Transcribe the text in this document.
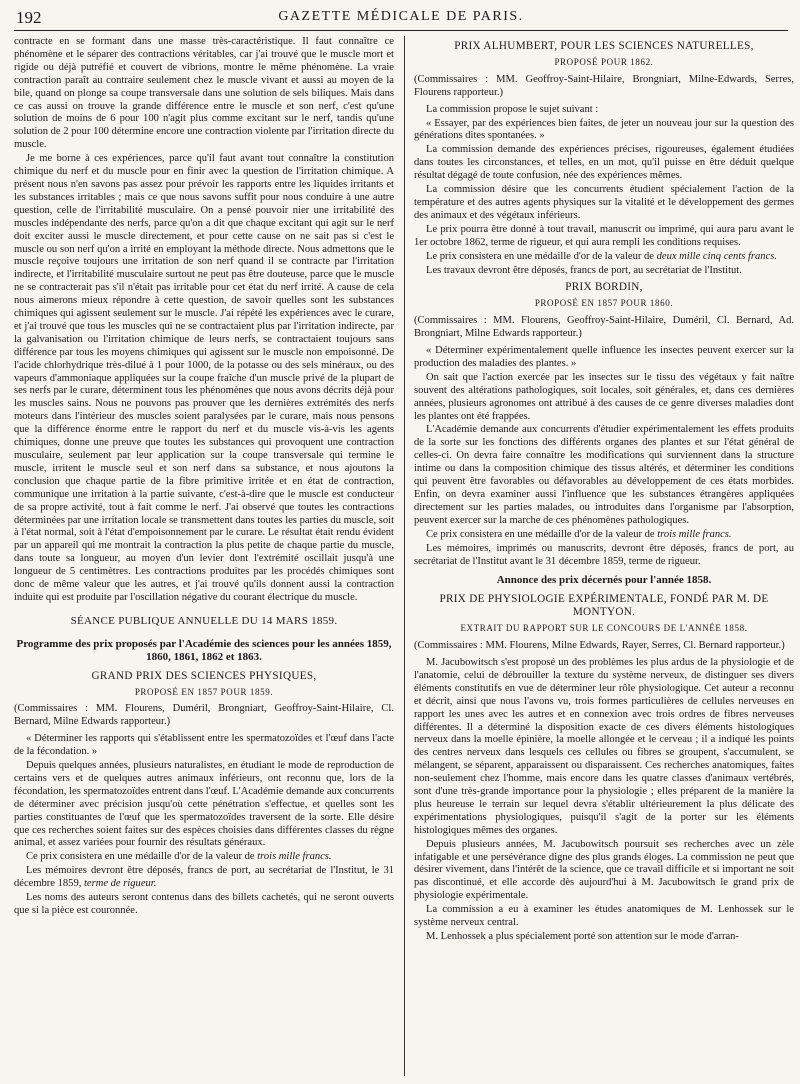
192	GAZETTE MÉDICALE DE PARIS.

contracte en se formant dans une masse très-caractéristique. Il faut connaître ce phénomène et le séparer des contractions véritables, car j'ai trouvé que le muscle mort et rigide ou déjà putréfié et couvert de vibrions, montre le même phénomène. La vraie contraction paraît au contraire seulement chez le muscle vivant et aussi au moyen de la bile, quand on plonge sa coupe transversale dans une solution de sels biliques. Mais dans ce cas aussi on trouve la grande différence entre le muscle et son nerf, c'est qu'une solution de moins de 6 pour 100 n'agit plus comme excitant sur le nerf, tandis qu'une solution de 2 pour 100 détermine encore une contraction violente par l'irritation directe du muscle.

Je me borne à ces expériences, parce qu'il faut avant tout connaître la constitution chimique du nerf et du muscle pour en finir avec la question de l'irritation chimique. A présent nous n'en savons pas assez pour prévoir les rapports entre les liquides irritants et les substances irritables ; mais ce que nous savons suffit pour nous conduire à une autre question, celle de l'irritabilité musculaire. On a pensé pouvoir nier une irritabilité des muscles indépendante des nerfs, parce qu'on a dit que chaque excitant qui agit sur le nerf doit exciter aussi le muscle directement, et pour cette cause on ne sait pas si c'est le muscle ou son nerf qu'on a irrité en employant la méthode directe. Nous admettons que le muscle reçoive toujours une irritation de son nerf quand il se contracte par l'irritation indirecte, et l'irritabilité musculaire surtout ne peut pas être douteuse, parce que le muscle ne se contracterait pas s'il n'était pas irritable pour cet état du nerf irrité. A cause de cela nous aimerons mieux répondre à cette question, de savoir quelles sont les substances chimiques qui agissent seulement sur le muscle. J'ai répété les expériences avec le curare, et j'ai trouvé que tous les muscles qui ne se contractaient plus par l'irritation indirecte, par la galvanisation ou l'irritation chimique de leurs nerfs, se contractaient toujours sans différence par tous les moyens chimiques qui agissent sur le muscle non empoisonné. De l'acide chlorhydrique très-dilué à 1 pour 1000, de la potasse ou des sels minéraux, ou des vapeurs d'ammoniaque appliquées sur la coupe fraîche d'un muscle privé de la plupart de ses nerfs par le curare, déterminent tous les phénomènes que nous avons décrits déjà pour les muscles sains. Nous ne pouvons pas prouver que les dernières extrémités des nerfs moteurs dans l'intérieur des muscles soient paralysées par le curare, mais nous pensons que la différence énorme entre le rapport du nerf et du muscle vis-à-vis les agents chimiques, donne une preuve que toutes les substances qui provoquent une contraction musculaire, seulement par leur application sur la coupe transversale qui termine le muscle, irritent le muscle seul et son nerf dans sa substance, et nous ajoutons la conclusion que chaque partie de la fibre primitive irritée et en état de contraction, communique une irritation à la partie suivante, c'est-à-dire que le muscle est conducteur de sa propre activité, tout à fait comme le nerf. J'ai observé que toutes les contractions déterminées par une irritation locale se transmettent dans toutes les parties du muscle, soit à l'état normal, soit à l'état d'empoisonnement par le curare. Le résultat était rendu évident par un appareil qui me montrait la contraction la plus petite de chaque partie du muscle, dans toute sa longueur, au moyen d'un levier dont l'extrémité oscillait jusqu'à une longueur de 5 centimètres. Les contractions produites par les procédés chimiques sont donc de même valeur que les autres, et j'ai trouvé qu'ils donnent aussi la contraction induite qui est produite par l'oscillation négative du courant électrique du muscle.

SÉANCE PUBLIQUE ANNUELLE DU 14 MARS 1859.

Programme des prix proposés par l'Académie des sciences pour les années 1859, 1860, 1861, 1862 et 1863.

GRAND PRIX DES SCIENCES PHYSIQUES,
PROPOSÉ EN 1857 POUR 1859.

(Commissaires : MM. Flourens, Duméril, Brongniart, Geoffroy-Saint-Hilaire, Cl. Bernard, Milne Edwards rapporteur.)

« Déterminer les rapports qui s'établissent entre les spermatozoïdes et l'œuf dans l'acte de la fécondation. »

Depuis quelques années, plusieurs naturalistes, en étudiant le mode de reproduction de certains vers et de quelques autres animaux inférieurs, ont reconnu que, lors de la fécondation, les spermatozoïdes entrent dans l'œuf. L'Académie demande aux concurrents de déterminer avec précision jusqu'où cette pénétration s'effectue, et quelles sont les parties constituantes de l'œuf que les spermatozoïdes traversent de la sorte. Elle désire que ces recherches soient faites sur des espèces choisies dans différentes classes du règne animal, et assez variées pour fournir des résultats généraux.

Ce prix consistera en une médaille d'or de la valeur de trois mille francs.

Les mémoires devront être déposés, francs de port, au secrétariat de l'Institut, le 31 décembre 1859, terme de rigueur.

Les noms des auteurs seront contenus dans des billets cachetés, qui ne seront ouverts que si la pièce est couronnée.

PRIX ALHUMBERT, POUR LES SCIENCES NATURELLES,
PROPOSÉ POUR 1862.

(Commissaires : MM. Geoffroy-Saint-Hilaire, Brongniart, Milne-Edwards, Serres, Flourens rapporteur.)

La commission propose le sujet suivant :

« Essayer, par des expériences bien faites, de jeter un nouveau jour sur la question des générations dites spontanées. »

La commission demande des expériences précises, rigoureuses, également étudiées dans toutes les circonstances, et telles, en un mot, qu'il puisse en être déduit quelque résultat dégagé de toute confusion, née des expériences mêmes.

La commission désire que les concurrents étudient spécialement l'action de la température et des autres agents physiques sur la vitalité et le développement des germes des animaux et des végétaux inférieurs.

Le prix pourra être donné à tout travail, manuscrit ou imprimé, qui aura paru avant le 1er octobre 1862, terme de rigueur, et qui aura rempli les conditions requises.

Le prix consistera en une médaille d'or de la valeur de deux mille cinq cents francs.

Les travaux devront être déposés, francs de port, au secrétariat de l'Institut.

PRIX BORDIN,
PROPOSÉ EN 1857 POUR 1860.

(Commissaires : MM. Flourens, Geoffroy-Saint-Hilaire, Duméril, Cl. Bernard, Ad. Brongniart, Milne Edwards rapporteur.)

« Déterminer expérimentalement quelle influence les insectes peuvent exercer sur la production des maladies des plantes. »

On sait que l'action exercée par les insectes sur le tissu des végétaux y fait naître souvent des altérations pathologiques, soit locales, soit générales, et, dans ces dernières années, plusieurs agronomes ont attribué à des causes de ce genre diverses maladies dont les plantes ont été frappées.

L'Académie demande aux concurrents d'étudier expérimentalement les effets produits de la sorte sur les fonctions des différents organes des plantes et sur l'état général de celles-ci. On devra faire connaître les modifications qui surviennent dans la structure intime ou dans la composition chimique des tissus altérés, et déterminer les conditions qui peuvent être favorables ou défavorables au développement de ces états morbides. Enfin, on devra examiner aussi l'influence que les substances étrangères appliquées directement sur les parties malades, ou introduites dans l'organisme par l'absorption, peuvent exercer sur la marche de ces phénomènes pathologiques.

Ce prix consistera en une médaille d'or de la valeur de trois mille francs.

Les mémoires, imprimés ou manuscrits, devront être déposés, francs de port, au secrétariat de l'Institut avant le 31 décembre 1859, terme de rigueur.

Annonce des prix décernés pour l'année 1858.

PRIX DE PHYSIOLOGIE EXPÉRIMENTALE, FONDÉ PAR M. DE MONTYON.
EXTRAIT DU RAPPORT SUR LE CONCOURS DE L'ANNÉE 1858.

(Commissaires : MM. Flourens, Milne Edwards, Rayer, Serres, Cl. Bernard rapporteur.)

M. Jacubowitsch s'est proposé un des problèmes les plus ardus de la physiologie et de l'anatomie, celui de débrouiller la texture du système nerveux, de distinguer ses divers éléments constitutifs en vue de déterminer leur rôle physiologique. Cet auteur a reconnu et décrit, ainsi que nous l'avons vu, trois formes particulières de cellules nerveuses en rapport les unes avec les autres et en connexion avec trois ordres de fibres nerveuses différentes. Il a déterminé la disposition exacte de ces divers éléments histologiques nerveux dans la moelle épinière, la moelle allongée et le cerveau ; il a indiqué les points des centres nerveux dans lesquels ces cellules ou fibres se groupent, s'accumulent, se mélangent, se séparent, apparaissent ou disparaissent. Ces recherches anatomiques, faites non-seulement chez l'homme, mais encore dans les quatre classes d'animaux vertébrés, sont d'une très-grande importance pour la physiologie ; elles préparent de la manière la plus heureuse le terrain sur lequel devra s'établir ultérieurement la plus délicate des expérimentations physiologiques, puisqu'il s'agit de la porter sur les éléments histologiques mêmes des organes.

Depuis plusieurs années, M. Jacubowitsch poursuit ses recherches avec un zèle infatigable et une persévérance digne des plus grands éloges. La commission ne peut que désirer vivement, dans l'intérêt de la science, que ce travail difficile et si important ne soit pas discontinué, et elle accorde dès aujourd'hui à M. Jacubowitsch le grand prix de physiologie expérimentale.

La commission a eu à examiner les études anatomiques de M. Lenhossek sur le système nerveux central.

M. Lenhossek a plus spécialement porté son attention sur le mode d'arran-
